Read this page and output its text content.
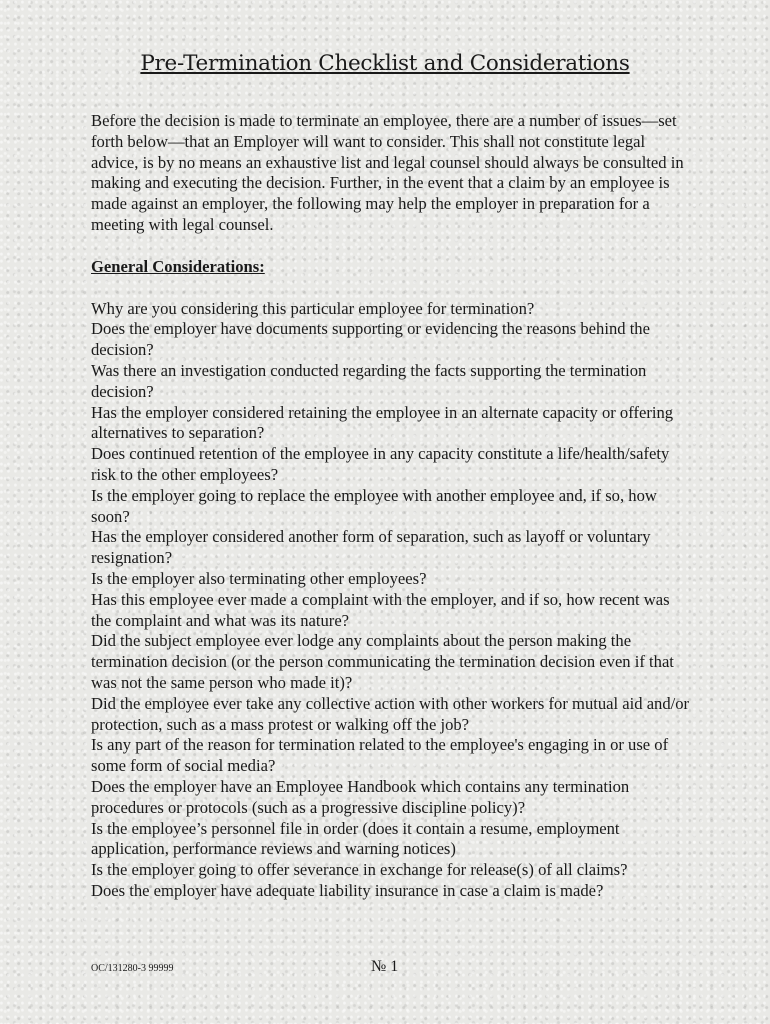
Pre-Termination Checklist and Considerations

Before the decision is made to terminate an employee, there are a number of issues—set forth below—that an Employer will want to consider. This shall not constitute legal advice, is by no means an exhaustive list and legal counsel should always be consulted in making and executing the decision. Further, in the event that a claim by an employee is made against an employer, the following may help the employer in preparation for a meeting with legal counsel.

General Considerations:

Why are you considering this particular employee for termination?

Does the employer have documents supporting or evidencing the reasons behind the decision?

Was there an investigation conducted regarding the facts supporting the termination decision?

Has the employer considered retaining the employee in an alternate capacity or offering alternatives to separation?

Does continued retention of the employee in any capacity constitute a life/health/safety risk to the other employees?

Is the employer going to replace the employee with another employee and, if so, how soon?

Has the employer considered another form of separation, such as layoff or voluntary resignation?

Is the employer also terminating other employees?

Has this employee ever made a complaint with the employer, and if so, how recent was the complaint and what was its nature?

Did the subject employee ever lodge any complaints about the person making the termination decision (or the person communicating the termination decision even if that was not the same person who made it)?

Did the employee ever take any collective action with other workers for mutual aid and/or protection, such as a mass protest or walking off the job?

Is any part of the reason for termination related to the employee's engaging in or use of some form of social media?

Does the employer have an Employee Handbook which contains any termination procedures or protocols (such as a progressive discipline policy)?

Is the employee’s personnel file in order (does it contain a resume, employment application, performance reviews and warning notices)

Is the employer going to offer severance in exchange for release(s) of all claims?

Does the employer have adequate liability insurance in case a claim is made?

OC/131280-3 99999	№ 1
